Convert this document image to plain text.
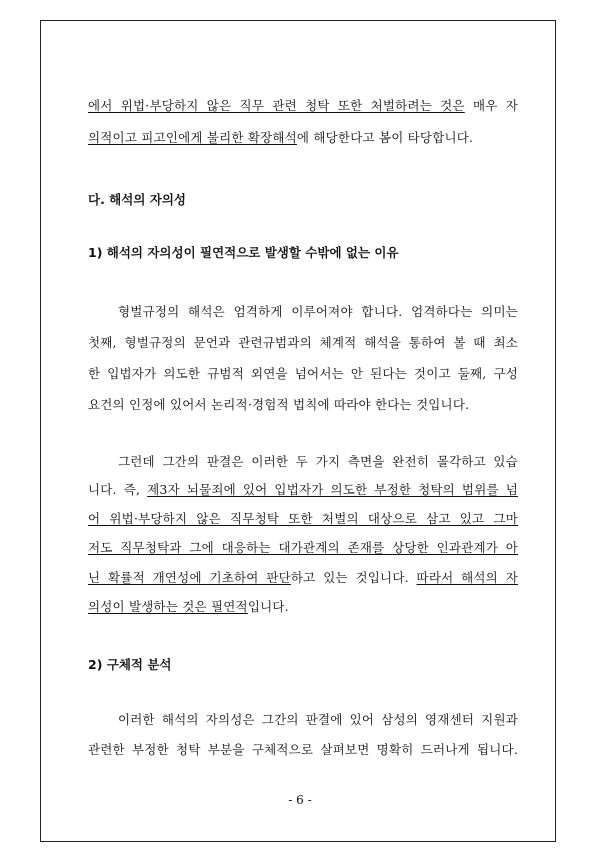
에서 위법·부당하지 않은 직무 관련 청탁 또한 처벌하려는 것은 매우 자
의적이고 피고인에게 불리한 확장해석에 해당한다고 봄이 타당합니다.
다. 해석의 자의성
1) 해석의 자의성이 필연적으로 발생할 수밖에 없는 이유
형벌규정의 해석은 엄격하게 이루어져야 합니다. 엄격하다는 의미는
첫째, 형벌규정의 문언과 관련규범과의 체계적 해석을 통하여 볼 때 최소
한 입법자가 의도한 규범적 외연을 넘어서는 안 된다는 것이고 둘째, 구성
요건의 인정에 있어서 논리적·경험적 법칙에 따라야 한다는 것입니다.
그런데 그간의 판결은 이러한 두 가지 측면을 완전히 몰각하고 있습
니다. 즉, 제3자 뇌물죄에 있어 입법자가 의도한 부정한 청탁의 범위를 넘
어 위법·부당하지 않은 직무청탁 또한 처벌의 대상으로 삼고 있고 그마
저도 직무청탁과 그에 대응하는 대가관계의 존재를 상당한 인과관계가 아
닌 확률적 개연성에 기초하여 판단하고 있는 것입니다. 따라서 해석의 자
의성이 발생하는 것은 필연적입니다.
2) 구체적 분석
이러한 해석의 자의성은 그간의 판결에 있어 삼성의 영재센터 지원과
관련한 부정한 청탁 부분을 구체적으로 살펴보면 명확히 드러나게 됩니다.
- 6 -
